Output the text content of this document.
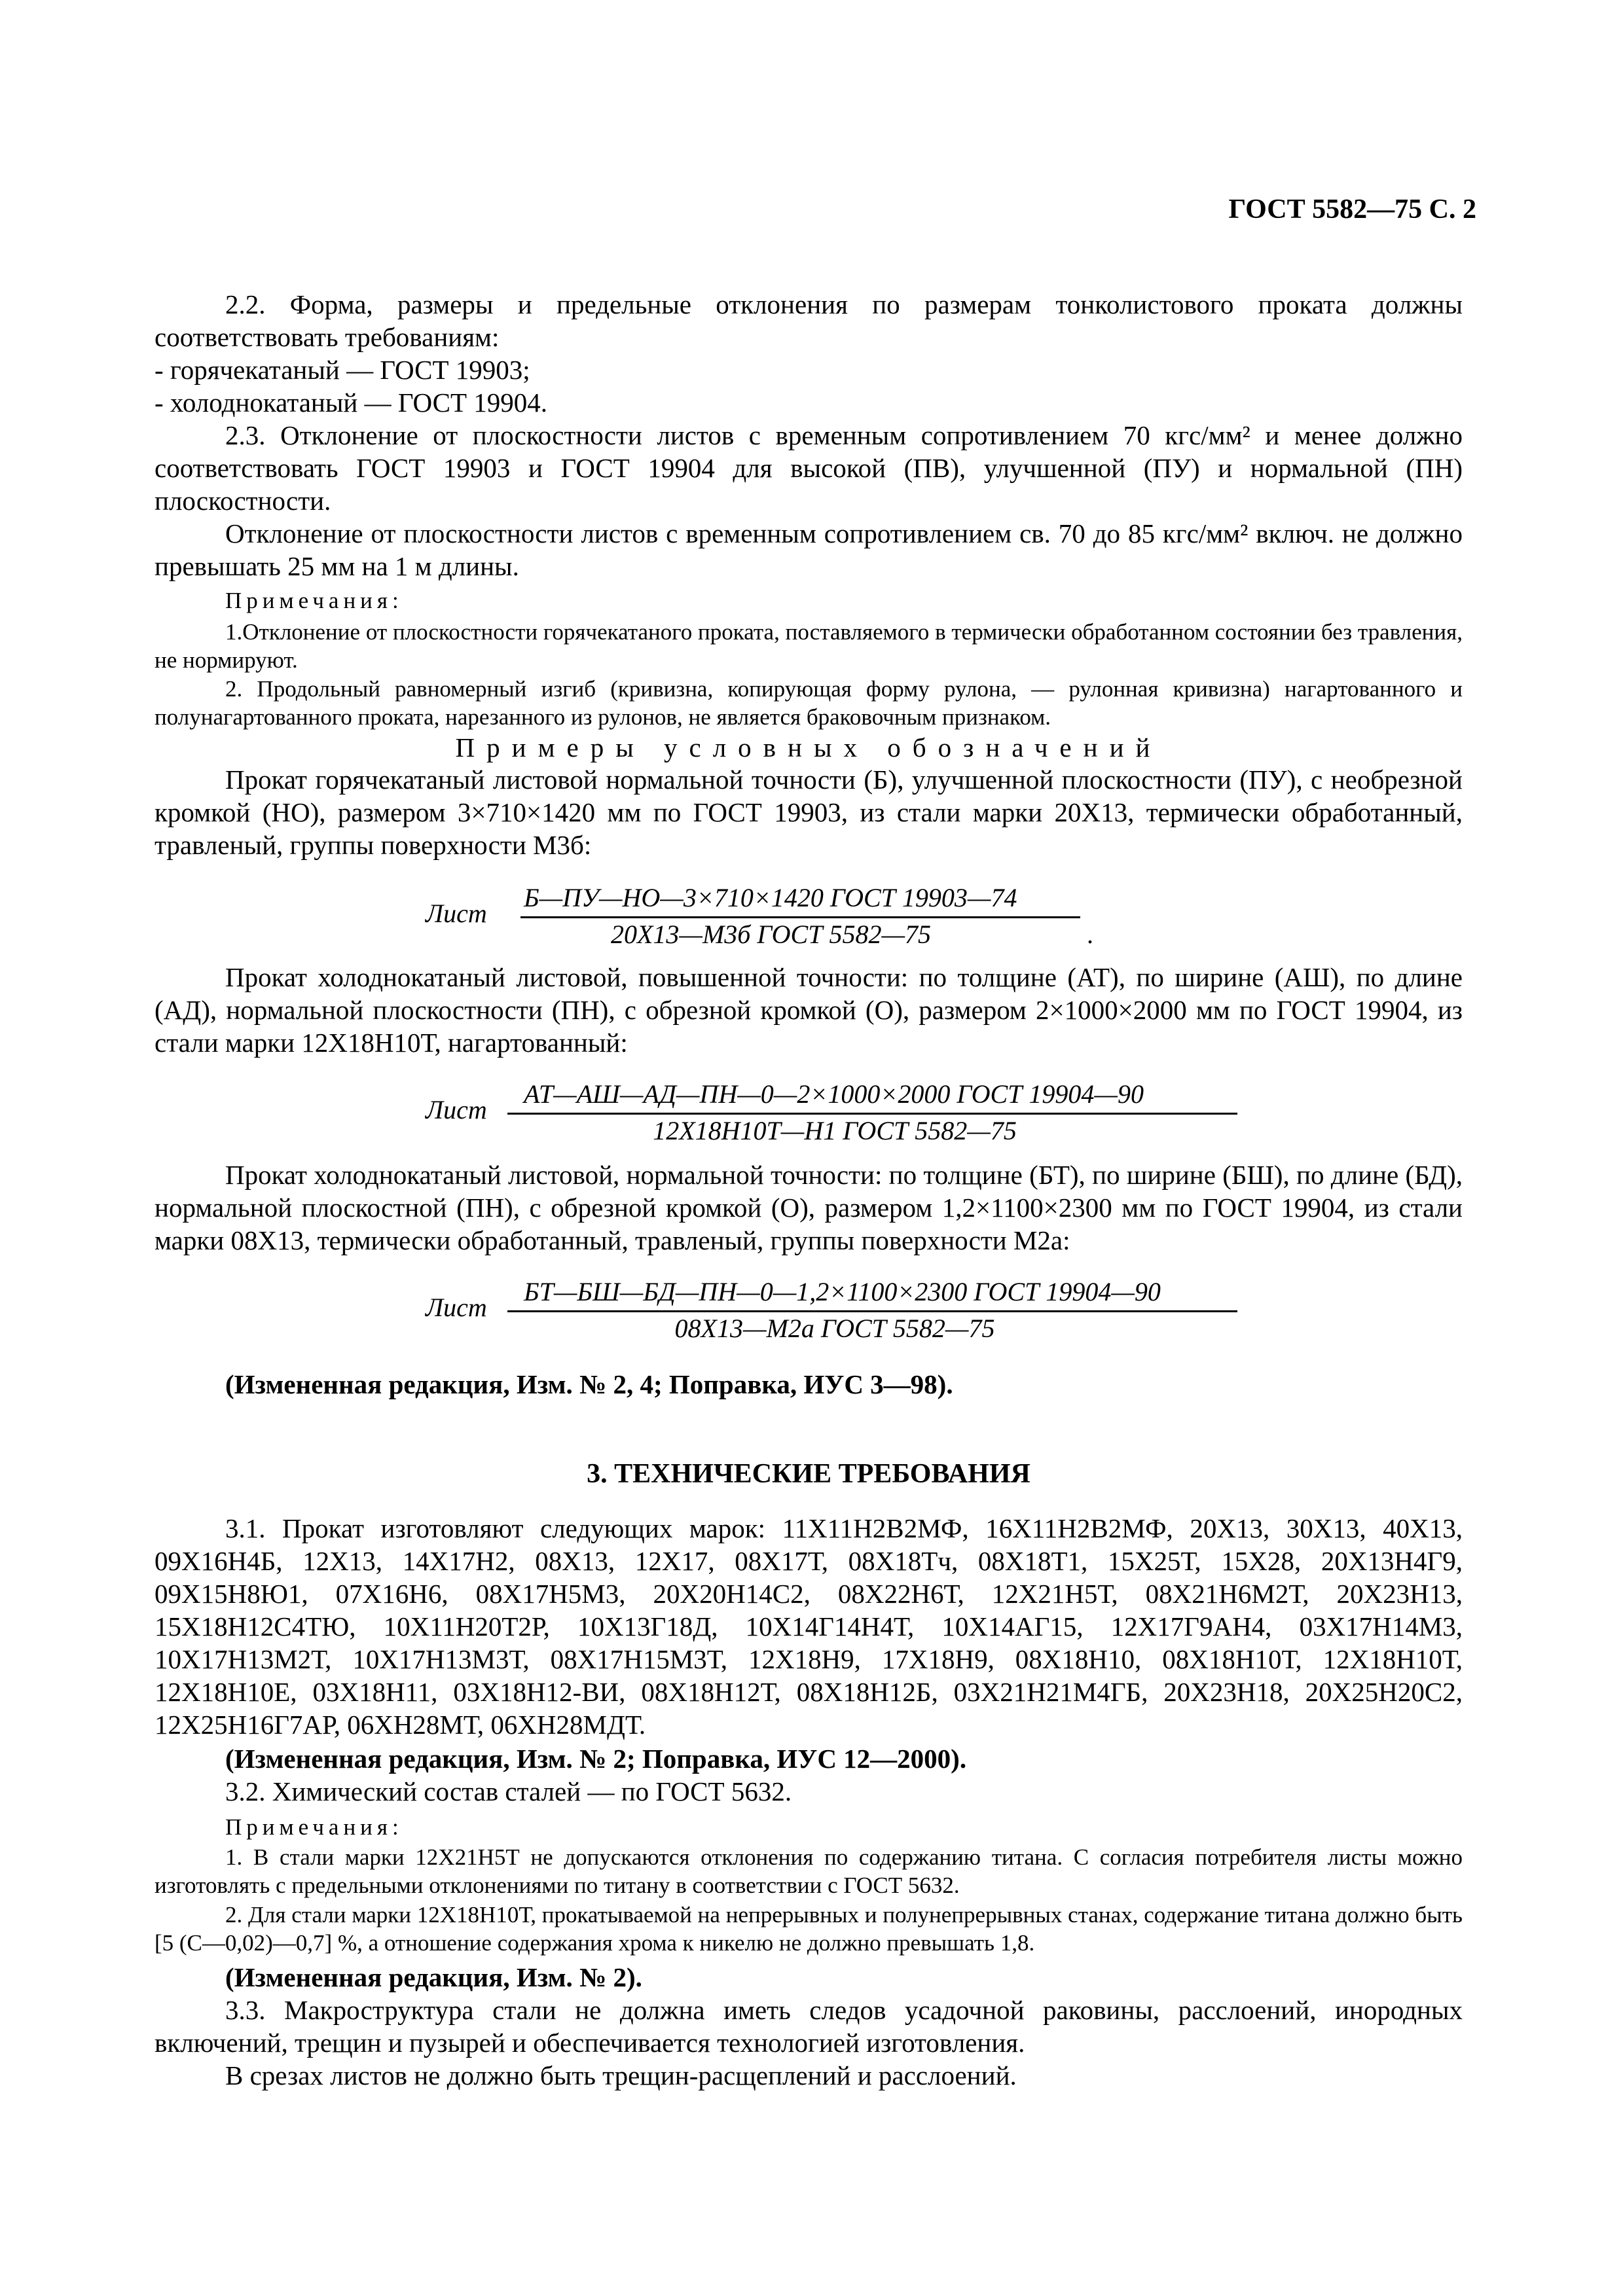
ГОСТ 5582—75 С. 2

2.2. Форма, размеры и предельные отклонения по размерам тонколистового проката должны соответствовать требованиям:

- горячекатаный — ГОСТ 19903;

- холоднокатаный — ГОСТ 19904.

2.3. Отклонение от плоскостности листов с временным сопротивлением 70 кгс/мм² и менее должно соответствовать ГОСТ 19903 и ГОСТ 19904 для высокой (ПВ), улучшенной (ПУ) и нормальной (ПН) плоскостности.

Отклонение от плоскостности листов с временным сопротивлением св. 70 до 85 кгс/мм² включ. не должно превышать 25 мм на 1 м длины.

Примечания:

1.Отклонение от плоскостности горячекатаного проката, поставляемого в термически обработанном состоянии без травления, не нормируют.

2. Продольный равномерный изгиб (кривизна, копирующая форму рулона, — рулонная кривизна) нагартованного и полунагартованного проката, нарезанного из рулонов, не является браковочным признаком.

Примеры условных обозначений

Прокат горячекатаный листовой нормальной точности (Б), улучшенной плоскостности (ПУ), с необрезной кромкой (НО), размером 3×710×1420 мм по ГОСТ 19903, из стали марки 20Х13, термически обработанный, травленый, группы поверхности М3б:

Лист
Б—ПУ—НО—3×710×1420 ГОСТ 19903—74
20Х13—М3б ГОСТ 5582—75	.

Прокат холоднокатаный листовой, повышенной точности: по толщине (АТ), по ширине (АШ), по длине (АД), нормальной плоскостности (ПН), с обрезной кромкой (О), размером 2×1000×2000 мм по ГОСТ 19904, из стали марки 12Х18Н10Т, нагартованный:

Лист
АТ—АШ—АД—ПН—0—2×1000×2000 ГОСТ 19904—90
12Х18Н10Т—Н1 ГОСТ 5582—75

Прокат холоднокатаный листовой, нормальной точности: по толщине (БТ), по ширине (БШ), по длине (БД), нормальной плоскостной (ПН), с обрезной кромкой (О), размером 1,2×1100×2300 мм по ГОСТ 19904, из стали марки 08Х13, термически обработанный, травленый, группы поверхности М2а:

Лист
БТ—БШ—БД—ПН—0—1,2×1100×2300 ГОСТ 19904—90
08Х13—М2а ГОСТ 5582—75

(Измененная редакция, Изм. № 2, 4; Поправка, ИУС 3—98).

3. ТЕХНИЧЕСКИЕ ТРЕБОВАНИЯ

3.1. Прокат изготовляют следующих марок: 11Х11Н2В2МФ, 16Х11Н2В2МФ, 20Х13, 30Х13, 40Х13, 09Х16Н4Б, 12Х13, 14Х17Н2, 08Х13, 12Х17, 08Х17Т, 08Х18Тч, 08Х18Т1, 15Х25Т, 15Х28, 20Х13Н4Г9, 09Х15Н8Ю1, 07Х16Н6, 08Х17Н5М3, 20Х20Н14С2, 08Х22Н6Т, 12Х21Н5Т, 08Х21Н6М2Т, 20Х23Н13, 15Х18Н12С4ТЮ, 10Х11Н20Т2Р, 10Х13Г18Д, 10Х14Г14Н4Т, 10Х14АГ15, 12Х17Г9АН4, 03Х17Н14М3, 10Х17Н13М2Т, 10Х17Н13М3Т, 08Х17Н15М3Т, 12Х18Н9, 17Х18Н9, 08Х18Н10, 08Х18Н10Т, 12Х18Н10Т, 12Х18Н10Е, 03Х18Н11, 03Х18Н12-ВИ, 08Х18Н12Т, 08Х18Н12Б, 03Х21Н21М4ГБ, 20Х23Н18, 20Х25Н20С2, 12Х25Н16Г7АР, 06ХН28МТ, 06ХН28МДТ.

(Измененная редакция, Изм. № 2; Поправка, ИУС 12—2000).

3.2. Химический состав сталей — по ГОСТ 5632.

Примечания:

1. В стали марки 12Х21Н5Т не допускаются отклонения по содержанию титана. С согласия потребителя листы можно изготовлять с предельными отклонениями по титану в соответствии с ГОСТ 5632.

2. Для стали марки 12Х18Н10Т, прокатываемой на непрерывных и полунепрерывных станах, содержание титана должно быть [5 (С—0,02)—0,7] %, а отношение содержания хрома к никелю не должно превышать 1,8.

(Измененная редакция, Изм. № 2).

3.3. Макроструктура стали не должна иметь следов усадочной раковины, расслоений, инородных включений, трещин и пузырей и обеспечивается технологией изготовления.

В срезах листов не должно быть трещин-расщеплений и расслоений.
